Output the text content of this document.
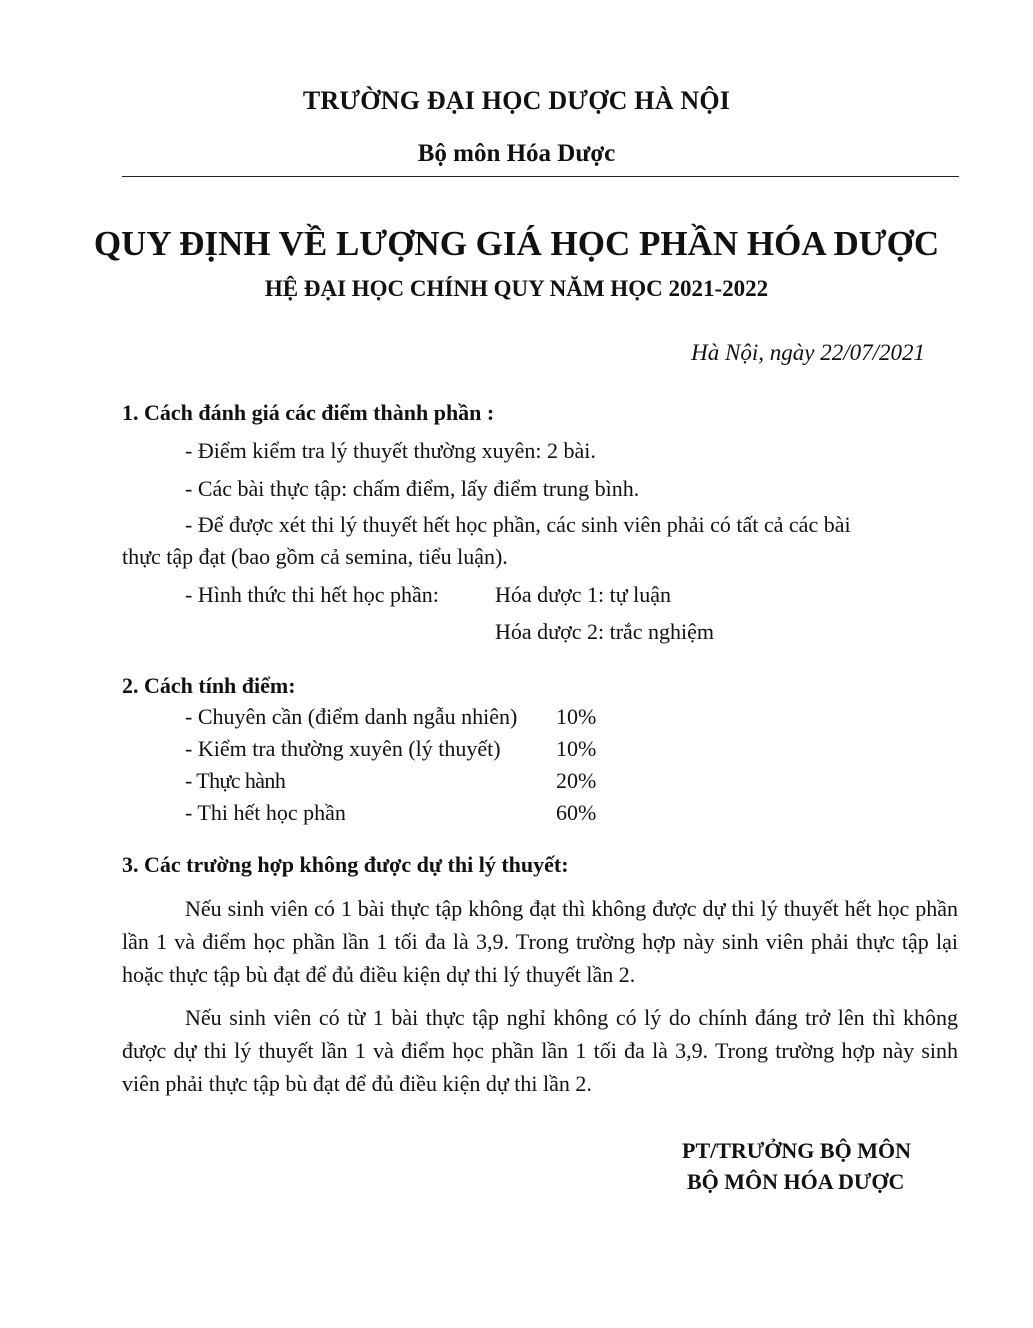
TRƯỜNG ĐẠI HỌC DƯỢC HÀ NỘI
Bộ môn Hóa Dược
QUY ĐỊNH VỀ LƯỢNG GIÁ HỌC PHẦN HÓA DƯỢC
HỆ ĐẠI HỌC CHÍNH QUY NĂM HỌC 2021-2022
Hà Nội, ngày 22/07/2021
1. Cách đánh giá các điểm thành phần :
- Điểm kiểm tra lý thuyết thường xuyên: 2 bài.
- Các bài thực tập: chấm điểm, lấy điểm trung bình.
- Để được xét thi lý thuyết hết học phần, các sinh viên phải có tất cả các bài
thực tập đạt (bao gồm cả semina, tiểu luận).
- Hình thức thi hết học phần:	Hóa dược 1: tự luận
Hóa dược 2: trắc nghiệm
2. Cách tính điểm:
- Chuyên cần (điểm danh ngẫu nhiên) 10%
- Kiểm tra thường xuyên (lý thuyết)	10%
- Thực hành	20%
- Thi hết học phần	60%
3. Các trường hợp không được dự thi lý thuyết:
Nếu sinh viên có 1 bài thực tập không đạt thì không được dự thi lý thuyết hết học phần lần 1 và điểm học phần lần 1 tối đa là 3,9. Trong trường hợp này sinh viên phải thực tập lại hoặc thực tập bù đạt để đủ điều kiện dự thi lý thuyết lần 2.
Nếu sinh viên có từ 1 bài thực tập nghỉ không có lý do chính đáng trở lên thì không được dự thi lý thuyết lần 1 và điểm học phần lần 1 tối đa là 3,9. Trong trường hợp này sinh viên phải thực tập bù đạt để đủ điều kiện dự thi lần 2.
PT/TRƯỞNG BỘ MÔN
BỘ MÔN HÓA DƯỢC
